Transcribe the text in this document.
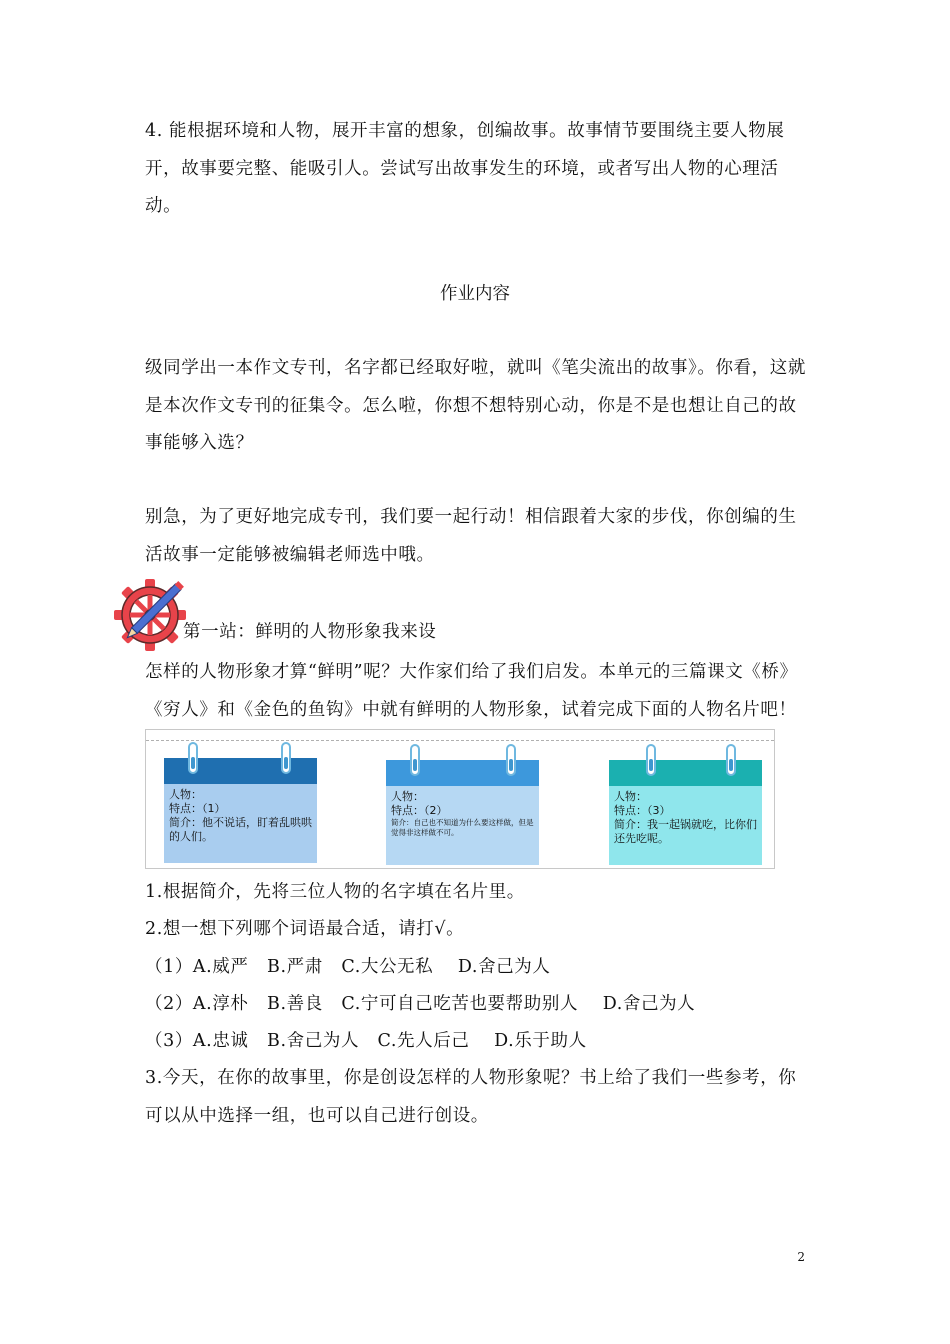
4. 能根据环境和人物，展开丰富的想象，创编故事。故事情节要围绕主要人物展开，故事要完整、能吸引人。尝试写出故事发生的环境，或者写出人物的心理活动。

作业内容

级同学出一本作文专刊，名字都已经取好啦，就叫《笔尖流出的故事》。你看，这就是本次作文专刊的征集令。怎么啦，你想不想特别心动，你是不是也想让自己的故事能够入选？

别急，为了更好地完成专刊，我们要一起行动！相信跟着大家的步伐，你创编的生活故事一定能够被编辑老师选中哦。

第一站：鲜明的人物形象我来设

怎样的人物形象才算“鲜明”呢？大作家们给了我们启发。本单元的三篇课文《桥》《穷人》和《金色的鱼钩》中就有鲜明的人物形象，试着完成下面的人物名片吧！

人物：
特点：（1）
简介：他不说话，盯着乱哄哄的人们。
人物：
特点：（2）
简介：自己也不知道为什么要这样做，但是觉得非这样做不可。
人物：
特点：（3）
简介：我一起锅就吃，比你们还先吃呢。

1.根据简介，先将三位人物的名字填在名片里。

2.想一想下列哪个词语最合适，请打√。

（1）A.威严   B.严肃   C.大公无私    D.舍己为人

（2）A.淳朴   B.善良   C.宁可自己吃苦也要帮助别人    D.舍己为人

（3）A.忠诚   B.舍己为人   C.先人后己    D.乐于助人

3.今天，在你的故事里，你是创设怎样的人物形象呢？书上给了我们一些参考，你可以从中选择一组，也可以自己进行创设。

2
